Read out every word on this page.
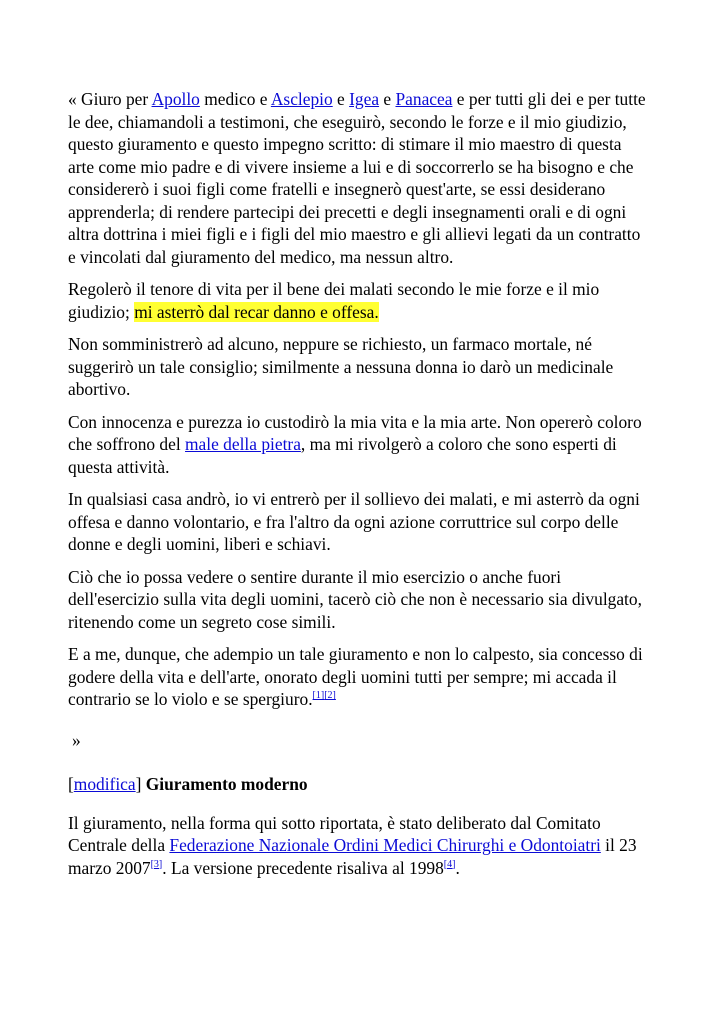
« Giuro per Apollo medico e Asclepio e Igea e Panacea e per tutti gli dei e per tutte le dee, chiamandoli a testimoni, che eseguirò, secondo le forze e il mio giudizio, questo giuramento e questo impegno scritto: di stimare il mio maestro di questa arte come mio padre e di vivere insieme a lui e di soccorrerlo se ha bisogno e che considererò i suoi figli come fratelli e insegnerò quest'arte, se essi desiderano apprenderla; di rendere partecipi dei precetti e degli insegnamenti orali e di ogni altra dottrina i miei figli e i figli del mio maestro e gli allievi legati da un contratto e vincolati dal giuramento del medico, ma nessun altro.

Regolerò il tenore di vita per il bene dei malati secondo le mie forze e il mio giudizio; mi asterrò dal recar danno e offesa.

Non somministrerò ad alcuno, neppure se richiesto, un farmaco mortale, né suggerirò un tale consiglio; similmente a nessuna donna io darò un medicinale abortivo.

Con innocenza e purezza io custodirò la mia vita e la mia arte. Non opererò coloro che soffrono del male della pietra, ma mi rivolgerò a coloro che sono esperti di questa attività.

In qualsiasi casa andrò, io vi entrerò per il sollievo dei malati, e mi asterrò da ogni offesa e danno volontario, e fra l'altro da ogni azione corruttrice sul corpo delle donne e degli uomini, liberi e schiavi.

Ciò che io possa vedere o sentire durante il mio esercizio o anche fuori dell'esercizio sulla vita degli uomini, tacerò ciò che non è necessario sia divulgato, ritenendo come un segreto cose simili.

E a me, dunque, che adempio un tale giuramento e non lo calpesto, sia concesso di godere della vita e dell'arte, onorato degli uomini tutti per sempre; mi accada il contrario se lo violo e se spergiuro.[1][2]

»

[modifica] Giuramento moderno

Il giuramento, nella forma qui sotto riportata, è stato deliberato dal Comitato Centrale della Federazione Nazionale Ordini Medici Chirurghi e Odontoiatri il 23 marzo 2007[3]. La versione precedente risaliva al 1998[4].
